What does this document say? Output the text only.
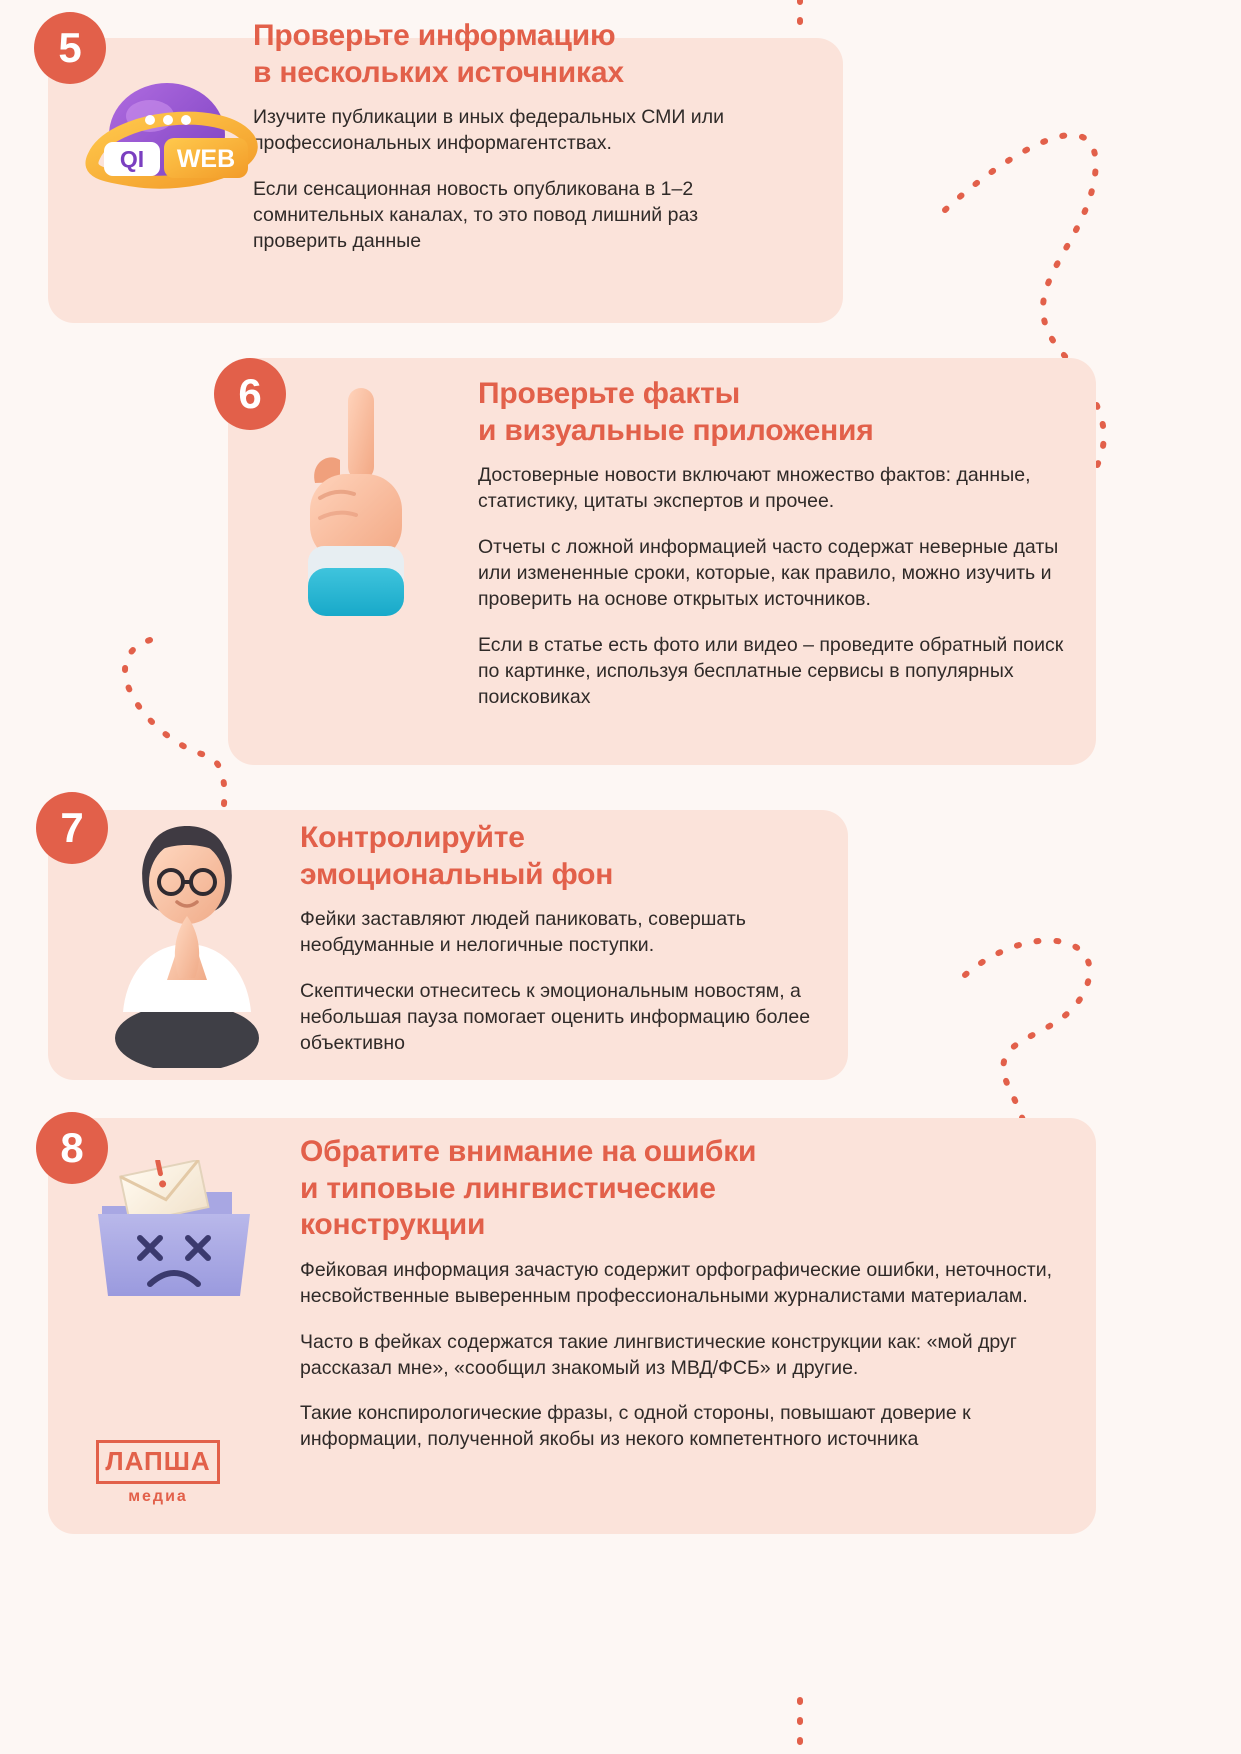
5
QI WEB
Проверьте информацию
в нескольких источниках

Изучите публикации в иных федеральных СМИ или профессиональных информагентствах.

Если сенсационная новость опубликована в 1–2 сомнительных каналах, то это повод лишний раз проверить данные

6	Проверьте факты
и визуальные приложения

Достоверные новости включают множество фактов: данные, статистику, цитаты экспертов и прочее.

Отчеты с ложной информацией часто содержат неверные даты или измененные сроки, которые, как правило, можно изучить и проверить на основе открытых источников.

Если в статье есть фото или видео – проведите обратный поиск по картинке, используя бесплатные сервисы в популярных поисковиках

7	Контролируйте
эмоциональный фон

Фейки заставляют людей паниковать, совершать необдуманные и нелогичные поступки.

Скептически отнеситесь к эмоциональным новостям, а небольшая пауза помогает оценить информацию более объективно

8	Обратите внимание на ошибки
и типовые лингвистические
конструкции

Фейковая информация зачастую содержит орфографические ошибки, неточности, несвойственные выверенным профессиональными журналистами материалам.

Часто в фейках содержатся такие лингвистические конструкции как: «мой друг рассказал мне», «сообщил знакомый из МВД/ФСБ» и другие.

Такие конспирологические фразы, с одной стороны, повышают доверие к информации, полученной якобы из некого компетентного источника

ЛАПША
медиа
